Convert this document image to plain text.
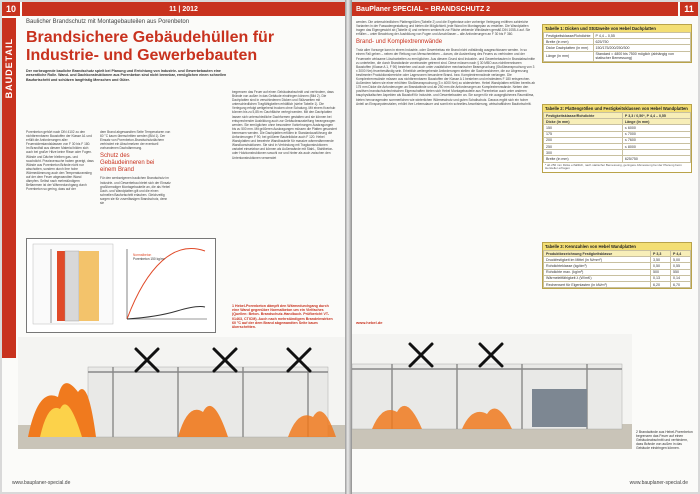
10	11 | 2012
BAUDETAIL
Baulicher Brandschutz mit Montagebauteilen aus Porenbeton
Brandsichere Gebäudehüllen für Industrie- und Gewerbebauten
Der vorbeugende bauliche Brandschutz spielt bei Planung und Errichtung von Industrie- und Gewerbebauten eine wesentliche Rolle. Wand- und Dachkonstruktionen aus Porenbeton sind nicht brennbar, ermöglichen einen schnellen Baufortschritt und schützen langfristig Menschen und Güter.
Porenbeton gehört nach DIN 4102 zu den nichtbrennbaren Baustoffen der Klasse A1 und erfüllt die Anforderungen aller Feuerwiderstandsklassen von F 30 bis F 180. Im Brandfall aus diesem Material bilden sich auch bei großer Hitze keine Risse oder Fugen. Wände und Dächer bleiben gas- und rauchdicht. Praxisversuche haben gezeigt, dass Wände aus Porenbeton Brände nicht nur abschotten, sondern durch ihre hohe Wärmedämmung auch den Temperaturanstieg auf der dem Feuer abgewandten Wand dämpfen. Selbst nach mehrstündigem Beflammen ist der Wärmedurchgang durch Porenbeton so gering, dass auf der
dem Brand abgewandten Seite Temperaturen von 60 °C kaum überschritten werden (Bild 1). Der Einsatz von Porenbeton-Brandschutzdächern verhindert ein Abschmelzen der eventuell vorhandenen Dachdämmung.
Schutz des Gebäudeinneren bei einem Brand
Für den werkseigenen baulichen Brandschutz im Industrie- und Gewerbebau bietet sich der Einsatz großformatiger Montagebauteile an, die als Hebel Dach- und Wandplatten gilt und die einen schnellen Baufortschritt erlauben. Gleichzeitig sorgen sie für zuverlässigen Brandschutz, denn sie
begrenzen das Feuer auf einen Gebäudeabschnitt und verhindern, dass Brände von außen in das Gebäude eindringen können (Bild 2). Die Dachplatten sind in verschiedenen Dicken und Stützweiten mit unterschiedlichen Tragfähigkeiten erhältlich (siehe Tabelle 1). Die Verlegung erfolgt weitgehend trocken ohne Schalung. Mit einem Kranhub können bis zu 5,85 m² Dachfläche verlegt werden. Mit den Dachplatten lassen sich unterschiedliche Dachformen gestalten und sie können bei entsprechender Ausbildung auch zur Gebäudeaussteifung herangezogen werden. Sie ermöglichen ohne besondere Vorkehrungen Auskragungen bis zu 500 mm. Mit größeren Auskragungen müssen die Platten gesondert bemessen werden. Die Dachplatten erfüllen in Standardausführung die Anforderungen F 90, bei größerer Bauteildicke auch F 120. Hebel Wandplatten und bewehrte Wandbauteile für massive wärmedämmende Wandkonstruktionen. Sie sind in Verbindung mit Tragkonstruktionen variabel einsetzbar und können als Außenwände mit Stahl-, Stahlbeton- oder Holzkonstruktionen sowohl vor und hinter als auch zwischen den Unterkonstruktionen verwendet
Normalbeton
Porenbeton 150 kg/m³
1 Hebel-Porenbeton dämpft den Wärmedurchgang durch eine Wand gegenüber Normalbeton um ein Vielfaches (Quellen: Beton. Brandschutz-Handbuch. Prüfbericht VT-01463, CTICM). Auch nach mehrstündigem Brandeinwirken 60 °C auf der dem Brand abgewandten Seite kaum überschritten.
www.bauplaner-special.de
BauPlaner SPECIAL – BRANDSCHUTZ 2	11
werden. Die unterschiedlichen Plattengrößen (Tabelle 2) und die Ergebnisse oder vorherige Verlegung eröffnen zahlreiche Varianten in der Fassadengestaltung und bieten die Möglichkeit, jede Wand im Montageplan zu erstellen. Die Wandplatten tragen das Eigengewicht ab (Tabelle 4) und nehmen senkrecht zur Fläche wirkende Windlasten gemäß DIN 1055-4 auf. Sie erfüllen – unter Beachtung der Ausbildung von Fugen und Anschlüssen – alle Anforderungen an F 30 bis F 360.
Brand- und Komplextrennwände
Trotz aller Vorsorge kann in einem Industrie- oder Gewerbebau ein Brand nicht vollständig ausgeschlossen werden. In so einem Fall gehen – neben der Rettung von Menschenleben – darum, die Ausbreitung des Feuers zu verhindern und der Feuerwehr wirksame Löscharbeiten zu ermöglichen. Aus diesem Grund sind Industrie- und Gewerbebauten in Brandabschnitte zu unterteilen, die durch Brandwände voneinander getrennt sind. Diese müssen nach § 30 MBO aus nichtbrennbaren Baustoffen (Klasse A 1, F 90) bestehen und auch unter zusätzlicher mechanischer Beanspruchung (Stoßbeanspruchung von 3 x 3000 Nm) feuerbeständig sein. Erheblich weitergehende Anforderungen stellen die Sachversicherer, die zur Abgrenzung bestimmter Produktionsbereiche oder Lagerzonen besondere Brand- bzw. Komplextrennwände verlangen. Die Komplextrennwände müssen aus nichtbrennbaren Baustoffen der Klasse A 1 bestehen und mindestens F 180 entsprechen. Außerdem haben sie einer erhöhten Stoßbeanspruchung (3 x 4000 Nm) zu widerstehen. Hebel Wandplatten erfüllen bereits ab 175 mm Dicke die Anforderungen an Brandwände und ab 250 mm die Anforderungen an Komplextrennwände. Neben den positiven brandschutztechnischen Eigenschaften bieten sich Hebel Montagebauteile aus Porenbeton auch unter anderen bauphysikalischen Aspekten als Baustoff für Industrie- und Gewerbebauten an. Sie sorgen für ein ausgeglichenes Raumklima, bieten hervorragenden sommerlichen wie winterlichen Wärmeschutz und guten Schallschutz. Daraus ergibt sich ein hoher Anteil an Einsparpotenzialen, erhöht ihre Lebensdauer und somit ein schnelles Amortisierung, wirtschaftlichen Baufortschritt.
www.hebel.de
Tabelle 1: Dicken und Stützweite von Hebel Dachplatten
Festigkeitsklasse/Rohdichte	P 4,4 – 0,55
Breite (in mm)	625/750
Dicke Dachplatten (in mm)	150/175/200/250/300
Länge (in mm)	Standard = 4800 bis 7500 möglich (abhängig von statischer Bemessung)
Tabelle 2: Plattengrößen und Festigkeitsklassen von Hebel Wandplatten
Festigkeitsklasse/Rohdichte	P 3,3 / 0,50*, P 4,4 – 0,55
Dicke (in mm)	Länge (in mm)
150	≤ 6000
175	≤ 7000
200	≤ 7600
250	≤ 8000
300	
Breite (in mm)	625/750
* ab 250 mm Dicke erhältlich, nach statischer Bemessung, geringere Abmessung bei der Planung beim Hersteller erfragen
Tabelle 3: Kennzahlen von Hebel Wandplatten
Produktbezeichnung Festigkeitsklasse	P 3,3	P 4,4
Druckfestigkeit im Mittel (in N/mm²)	3,50	5,00
Rohdichteklasse (kg/dm³)	0,50	0,55
Rohdichte max. (kg/m³)	500	550
Wärmeleitfähigkeit λ (W/mK)	0,13	0,14
Rechenwert für Eigenlasten (in kN/m³)	6,20	6,70
2 Brandwände aus Hebel-Porenbeton begrenzen das Feuer auf einen Gebäudeabschnitt und verhindern, dass Brände von außen in das Gebäude eindringen können.
www.bauplaner-special.de
